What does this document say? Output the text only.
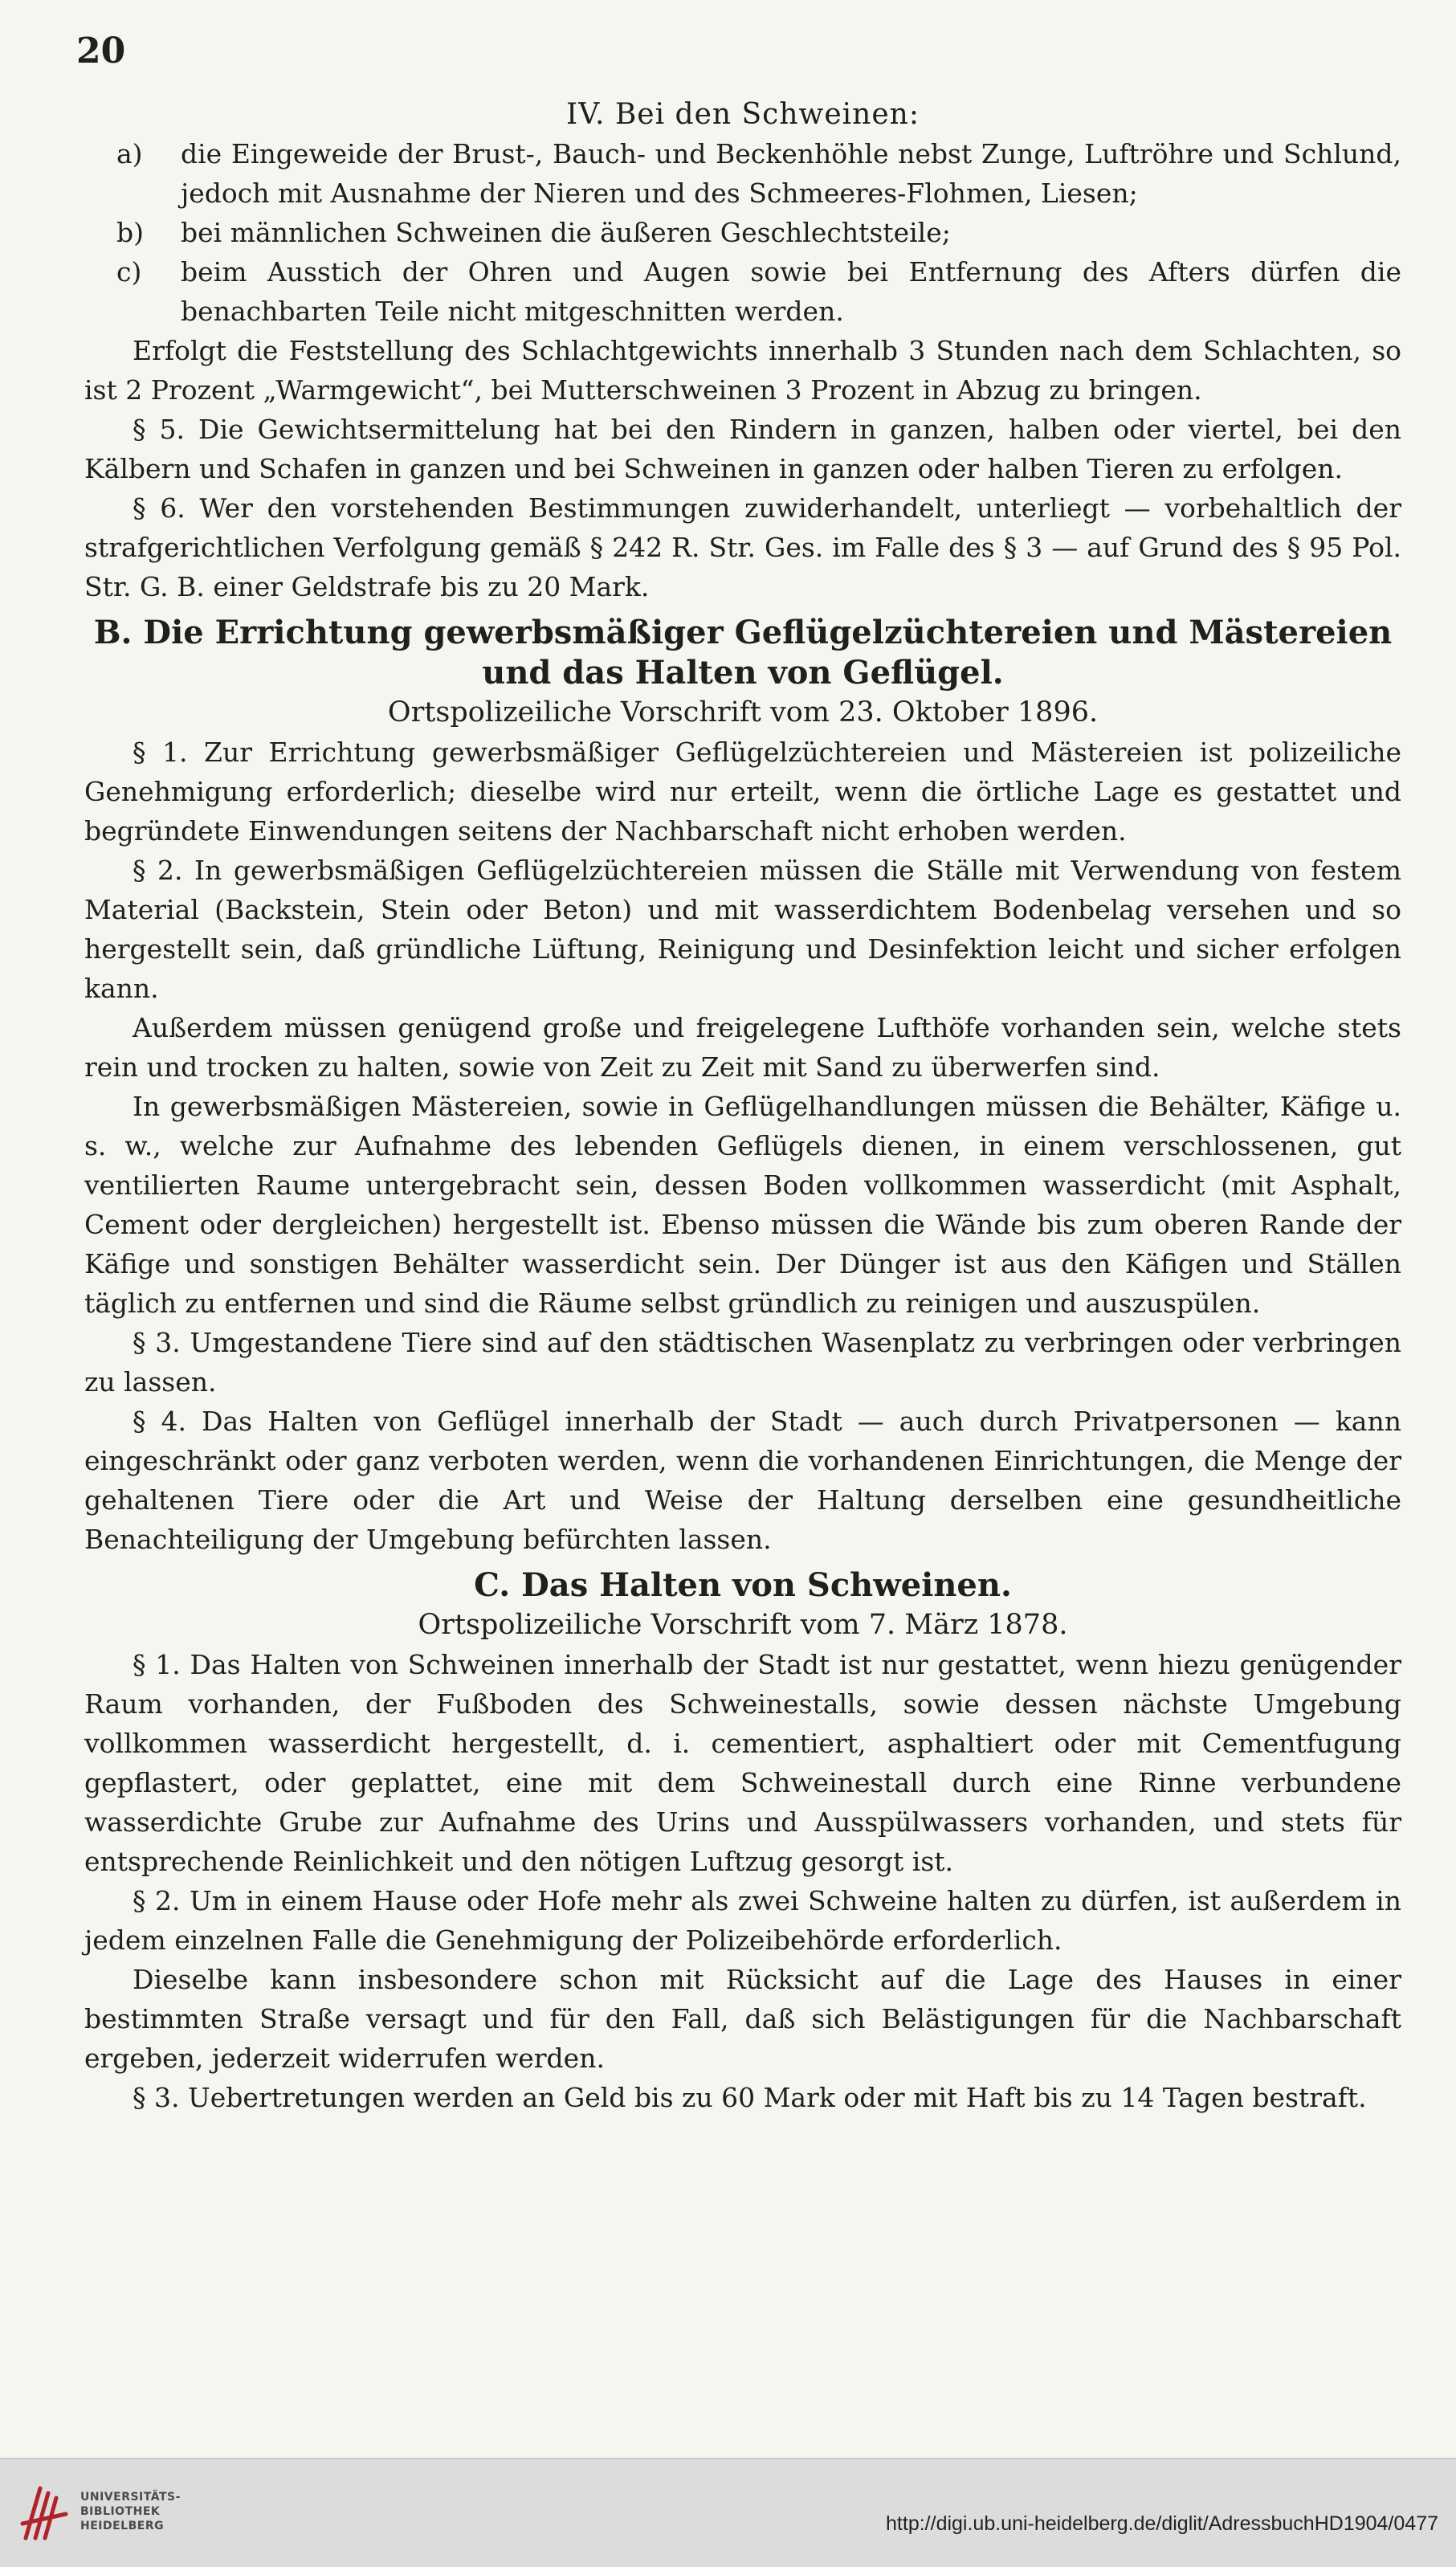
20

IV. Bei den Schweinen:

a)	die Eingeweide der Brust-, Bauch- und Beckenhöhle nebst Zunge, Luftröhre und Schlund, jedoch mit Ausnahme der Nieren und des Schmeeres-Flohmen, Liesen;
b)	bei männlichen Schweinen die äußeren Geschlechtsteile;
c)	beim Ausstich der Ohren und Augen sowie bei Entfernung des Afters dürfen die benachbarten Teile nicht mitgeschnitten werden.

Erfolgt die Feststellung des Schlachtgewichts innerhalb 3 Stunden nach dem Schlachten, so ist 2 Prozent „Warmgewicht“, bei Mutterschweinen 3 Prozent in Abzug zu bringen.

§ 5. Die Gewichtsermittelung hat bei den Rindern in ganzen, halben oder viertel, bei den Kälbern und Schafen in ganzen und bei Schweinen in ganzen oder halben Tieren zu erfolgen.

§ 6. Wer den vorstehenden Bestimmungen zuwiderhandelt, unterliegt — vorbehaltlich der strafgerichtlichen Verfolgung gemäß § 242 R. Str. Ges. im Falle des § 3 — auf Grund des § 95 Pol. Str. G. B. einer Geldstrafe bis zu 20 Mark.

B. Die Errichtung gewerbsmäßiger Geflügelzüchtereien und Mästereien und das Halten von Geflügel.

Ortspolizeiliche Vorschrift vom 23. Oktober 1896.

§ 1. Zur Errichtung gewerbsmäßiger Geflügelzüchtereien und Mästereien ist polizeiliche Genehmigung erforderlich; dieselbe wird nur erteilt, wenn die örtliche Lage es gestattet und begründete Einwendungen seitens der Nachbarschaft nicht erhoben werden.

§ 2. In gewerbsmäßigen Geflügelzüchtereien müssen die Ställe mit Verwendung von festem Material (Backstein, Stein oder Beton) und mit wasserdichtem Bodenbelag versehen und so hergestellt sein, daß gründliche Lüftung, Reinigung und Desinfektion leicht und sicher erfolgen kann.

Außerdem müssen genügend große und freigelegene Lufthöfe vorhanden sein, welche stets rein und trocken zu halten, sowie von Zeit zu Zeit mit Sand zu überwerfen sind.

In gewerbsmäßigen Mästereien, sowie in Geflügelhandlungen müssen die Behälter, Käfige u. s. w., welche zur Aufnahme des lebenden Geflügels dienen, in einem verschlossenen, gut ventilierten Raume untergebracht sein, dessen Boden vollkommen wasserdicht (mit Asphalt, Cement oder dergleichen) hergestellt ist. Ebenso müssen die Wände bis zum oberen Rande der Käfige und sonstigen Behälter wasserdicht sein. Der Dünger ist aus den Käfigen und Ställen täglich zu entfernen und sind die Räume selbst gründlich zu reinigen und auszuspülen.

§ 3. Umgestandene Tiere sind auf den städtischen Wasenplatz zu verbringen oder verbringen zu lassen.

§ 4. Das Halten von Geflügel innerhalb der Stadt — auch durch Privatpersonen — kann eingeschränkt oder ganz verboten werden, wenn die vorhandenen Einrichtungen, die Menge der gehaltenen Tiere oder die Art und Weise der Haltung derselben eine gesundheitliche Benachteiligung der Umgebung befürchten lassen.

C. Das Halten von Schweinen.

Ortspolizeiliche Vorschrift vom 7. März 1878.

§ 1. Das Halten von Schweinen innerhalb der Stadt ist nur gestattet, wenn hiezu genügender Raum vorhanden, der Fußboden des Schweinestalls, sowie dessen nächste Umgebung vollkommen wasserdicht hergestellt, d. i. cementiert, asphaltiert oder mit Cementfugung gepflastert, oder geplattet, eine mit dem Schweinestall durch eine Rinne verbundene wasserdichte Grube zur Aufnahme des Urins und Ausspülwassers vorhanden, und stets für entsprechende Reinlichkeit und den nötigen Luftzug gesorgt ist.

§ 2. Um in einem Hause oder Hofe mehr als zwei Schweine halten zu dürfen, ist außerdem in jedem einzelnen Falle die Genehmigung der Polizeibehörde erforderlich.

Dieselbe kann insbesondere schon mit Rücksicht auf die Lage des Hauses in einer bestimmten Straße versagt und für den Fall, daß sich Belästigungen für die Nachbarschaft ergeben, jederzeit widerrufen werden.

§ 3. Uebertretungen werden an Geld bis zu 60 Mark oder mit Haft bis zu 14 Tagen bestraft.

UNIVERSITÄTS-
BIBLIOTHEK
HEIDELBERG	http://digi.ub.uni-heidelberg.de/diglit/AdressbuchHD1904/0477
